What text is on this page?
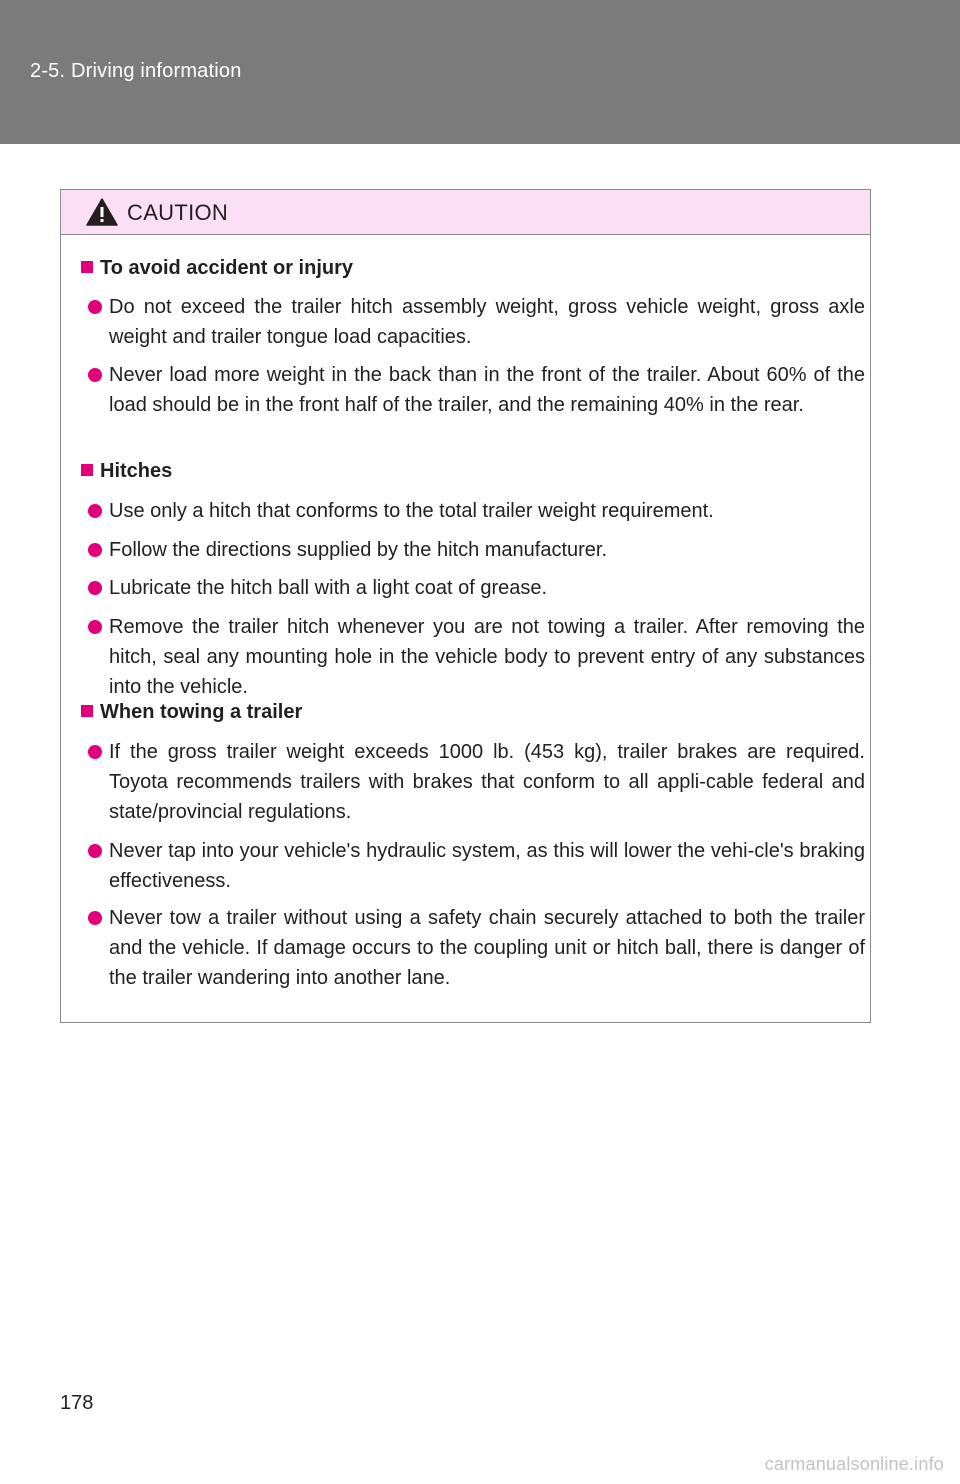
2-5. Driving information
CAUTION
To avoid accident or injury
Do not exceed the trailer hitch assembly weight, gross vehicle weight, gross axle weight and trailer tongue load capacities.
Never load more weight in the back than in the front of the trailer. About 60% of the load should be in the front half of the trailer, and the remaining 40% in the rear.
Hitches
Use only a hitch that conforms to the total trailer weight requirement.
Follow the directions supplied by the hitch manufacturer.
Lubricate the hitch ball with a light coat of grease.
Remove the trailer hitch whenever you are not towing a trailer. After removing the hitch, seal any mounting hole in the vehicle body to prevent entry of any substances into the vehicle.
When towing a trailer
If the gross trailer weight exceeds 1000 lb. (453 kg), trailer brakes are required. Toyota recommends trailers with brakes that conform to all appli-cable federal and state/provincial regulations.
Never tap into your vehicle's hydraulic system, as this will lower the vehi-cle's braking effectiveness.
Never tow a trailer without using a safety chain securely attached to both the trailer and the vehicle. If damage occurs to the coupling unit or hitch ball, there is danger of the trailer wandering into another lane.
178
carmanualsonline.info
